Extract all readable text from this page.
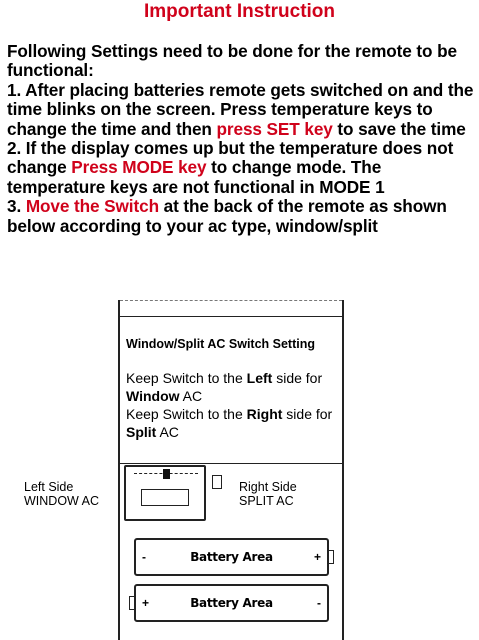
Important Instruction
Following Settings need to be done for the remote to be functional:
1. After placing batteries remote gets switched on and the time blinks on the screen. Press temperature keys to change the time and then press SET key to save the time
2. If the display comes up but the temperature does not change Press MODE key to change mode. The temperature keys are not functional in MODE 1
3. Move the Switch at the back of the remote as shown below according to your ac type, window/split
Left Side
WINDOW AC
Right Side
SPLIT AC
Window/Split AC Switch Setting
Keep Switch to the Left side for Window AC
Keep Switch to the Right side for Split AC
-	Battery Area	+
+	Battery Area	-
